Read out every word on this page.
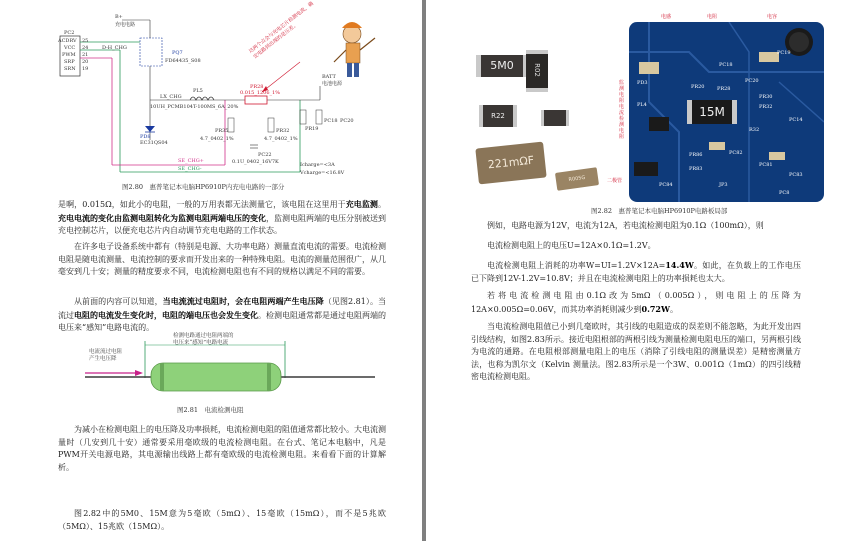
B+
充电电路
PC2
ACDRV
VCC
PWM
SRP
SRN
25
24
21
20
19
D-H_CHG
PQ7
FD64435_S08
PL5
10UH_PCMB104T-100MS_6A_20%
LX_CHG
PR28
0.015_1206_1%
BATT
电池电源
PD8
EC31QS04
PR35
4.7_0402_1%
PR32
4.7_0402_1%
PC22
0.1U_0402_16V7K
PR19
PC18 PC20
Icharge=<3A
Vcharge=<16.8V
SE_CHG+
SE_CHG-
这两个点会与充电芯片检测电流，确定电路到出现的是压差。
图2.80　惠普笔记本电脑HP6910P内充电电路的一部分

是啊，0.015Ω，如此小的电阻，一般的万用表都无法测量它，该电阻在这里用于充电监测。充电电流的变化由监测电阻转化为监测电阻两端电压的变化，监测电阻两端的电压分别被送到充电控制芯片，以便充电芯片内自动调节充电电路的工作状态。

在许多电子设备系统中都有（特别是电源、大功率电路）测量直流电流的需要。电流检测电阻是随电流测量、电流控制的要求而开发出来的一种特殊电阻。电流的测量范围很广，从几毫安到几十安；测量的精度要求不同，电流检测电阻也有不同的规格以满足不同的需要。

从前面的内容可以知道，当电流流过电阻时，会在电阻两端产生电压降（见图2.81）。当流过电阻的电流发生变化时，电阻的端电压也会发生变化。检测电阻通常都是通过电阻两端的电压来“感知”电路电流的。

电流流过电阻
产生电压降
检测电路通过电阻两端的
电压来“感知”电路电流
图2.81　电流检测电阻

为减小在检测电阻上的电压降及功率损耗，电流检测电阻的阻值通常都比较小。大电流测量时（几安到几十安）通常要采用毫欧级的电流检测电阻。在台式、笔记本电脑中，凡是PWM开关电源电路，其电源输出线路上都有毫欧级的电流检测电阻。来看看下面的计算解析。

图2.82中的5M0、15M意为5毫欧（5mΩ）、15毫欧（15mΩ），而不是5兆欧（5MΩ）、15兆欧（15MΩ）。

5M0	R02
R22
221mΩF
R005G
15M
PC19
PR20
PC18
PR28
PC20
PD3
PL4
PR30
PR32
PC14
R32
PC82
PC83
PR86
PR83
PC84
PC81
JP3
PC8
电感	电阻	电容
监测电阻 电流检测电阻
二极管
图2.82　惠普笔记本电脑HP6910P电路板局部

例如，电路电源为12V，电流为12A，若电流检测电阻为0.1Ω（100mΩ），则

电流检测电阻上的电压U=12A×0.1Ω=1.2V。

电流检测电阻上消耗的功率W=UI=1.2V×12A=14.4W。如此，在负载上的工作电压已下降到12V-1.2V=10.8V；并且在电流检测电阻上的功率损耗也太大。

若将电流检测电阻由0.1Ω改为5mΩ（0.005Ω），则电阻上的压降为12A×0.005Ω=0.06V，而其功率消耗则减少到0.72W。

当电流检测电阻值已小到几毫欧时，其引线的电阻造成的误差则不能忽略，为此开发出四引线结构，如图2.83所示。接近电阻根部的两根引线为测量检测电阻电压的端口，另两根引线为电流的通路。在电阻根部测量电阻上的电压（消除了引线电阻的测量误差）是精密测量方法，也称为凯尔文（Kelvin 测量法。图2.83所示是一个3W、0.001Ω（1mΩ）的四引线精密电流检测电阻。
